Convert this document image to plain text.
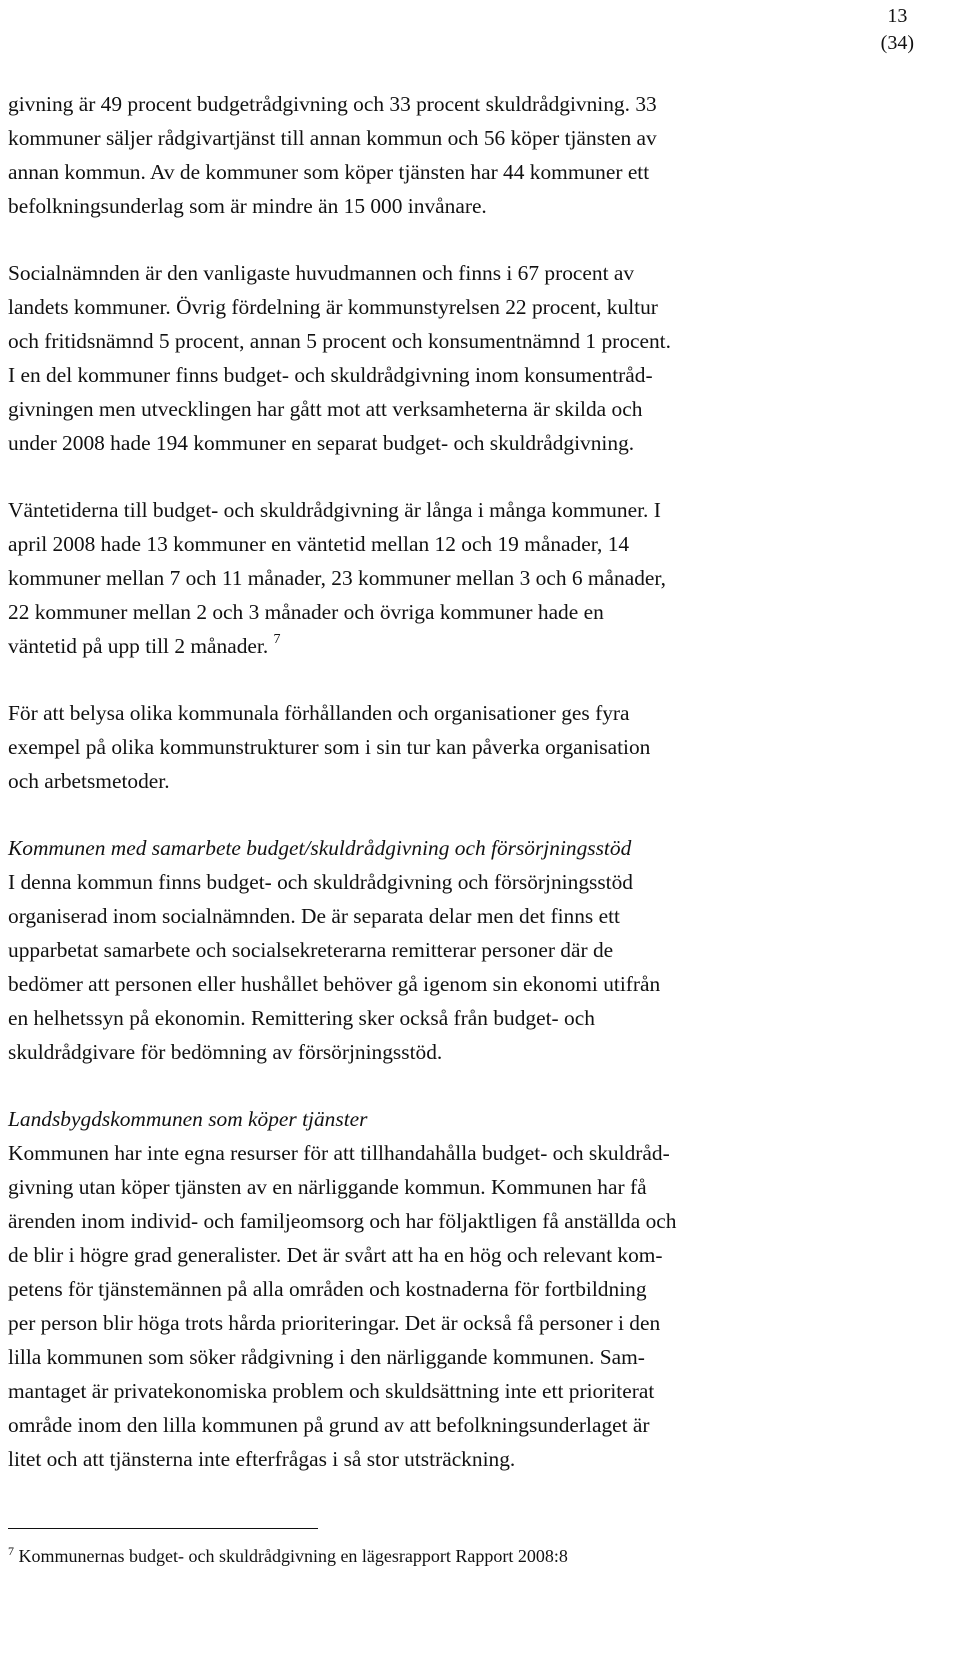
13
(34)

givning är 49 procent budgetrådgivning och 33 procent skuldrådgivning. 33
kommuner säljer rådgivartjänst till annan kommun och 56 köper tjänsten av
annan kommun. Av de kommuner som köper tjänsten har 44 kommuner ett
befolkningsunderlag som är mindre än 15 000 invånare.

Socialnämnden är den vanligaste huvudmannen och finns i 67 procent av
landets kommuner. Övrig fördelning är kommunstyrelsen 22 procent, kultur
och fritidsnämnd 5 procent, annan 5 procent och konsumentnämnd 1 procent.
I en del kommuner finns budget- och skuldrådgivning inom konsumentråd-
givningen men utvecklingen har gått mot att verksamheterna är skilda och
under 2008 hade 194 kommuner en separat budget- och skuldrådgivning.

Väntetiderna till budget- och skuldrådgivning är långa i många kommuner. I
april 2008 hade 13 kommuner en väntetid mellan 12 och 19 månader, 14
kommuner mellan 7 och 11 månader, 23 kommuner mellan 3 och 6 månader,
22 kommuner mellan 2 och 3 månader och övriga kommuner hade en
väntetid på upp till 2 månader. $^7$

För att belysa olika kommunala förhållanden och organisationer ges fyra
exempel på olika kommunstrukturer som i sin tur kan påverka organisation
och arbetsmetoder.

Kommunen med samarbete budget/skuldrådgivning och försörjningsstöd
I denna kommun finns budget- och skuldrådgivning och försörjningsstöd
organiserad inom socialnämnden. De är separata delar men det finns ett
upparbetat samarbete och socialsekreterarna remitterar personer där de
bedömer att personen eller hushållet behöver gå igenom sin ekonomi utifrån
en helhetssyn på ekonomin. Remittering sker också från budget- och
skuldrådgivare för bedömning av försörjningsstöd.
Landsbygdskommunen som köper tjänster
Kommunen har inte egna resurser för att tillhandahålla budget- och skuldråd-
givning utan köper tjänsten av en närliggande kommun. Kommunen har få
ärenden inom individ- och familjeomsorg och har följaktligen få anställda och
de blir i högre grad generalister. Det är svårt att ha en hög och relevant kom-
petens för tjänstemännen på alla områden och kostnaderna för fortbildning
per person blir höga trots hårda prioriteringar. Det är också få personer i den
lilla kommunen som söker rådgivning i den närliggande kommunen. Sam-
mantaget är privatekonomiska problem och skuldsättning inte ett prioriterat
område inom den lilla kommunen på grund av att befolkningsunderlaget är
litet och att tjänsterna inte efterfrågas i så stor utsträckning.
$^7$ Kommunernas budget- och skuldrådgivning en lägesrapport Rapport 2008:8
